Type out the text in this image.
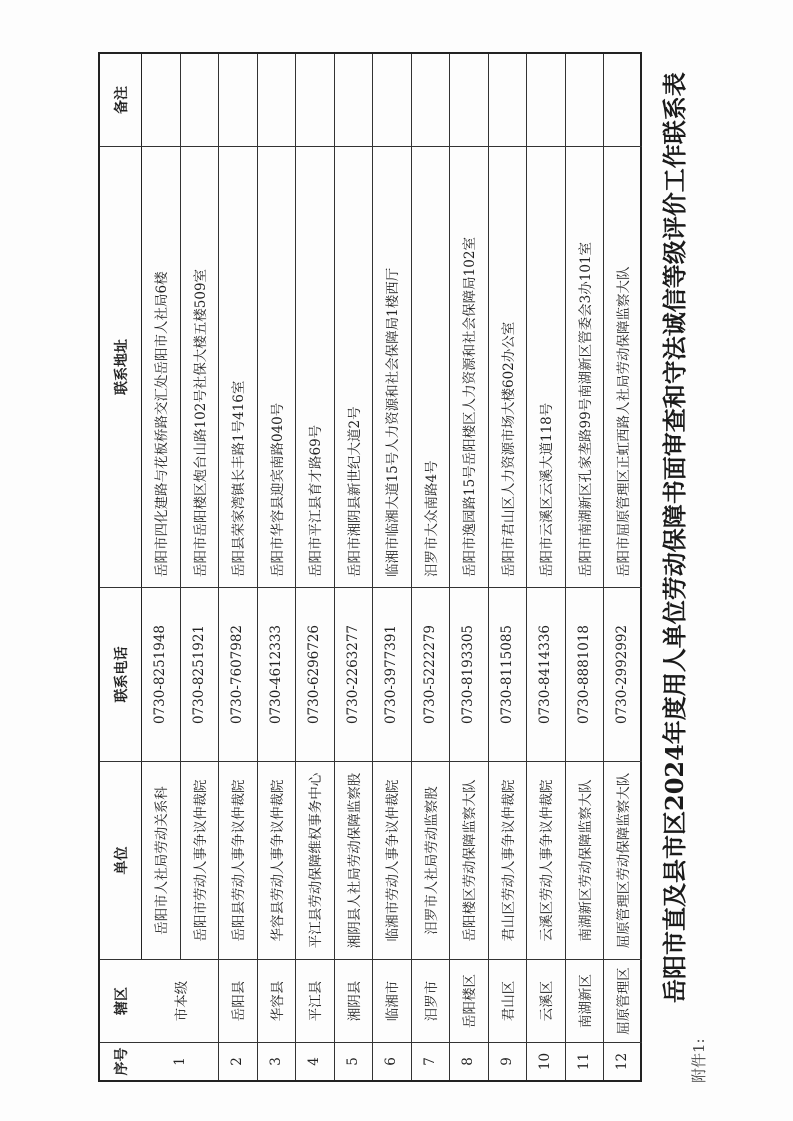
附件1:
岳阳市直及县市区2024年度用人单位劳动保障书面审查和守法诚信等级评价工作联系表
序号
辖区
单位
联系电话
联系地址
备注
1
市本级
岳阳市人社局劳动关系科
0730-8251948
岳阳市四化建路与花板桥路交汇处岳阳市人社局6楼
岳阳市劳动人事争议仲裁院
0730-8251921
岳阳市岳阳楼区炮台山路102号社保大楼五楼509室
2
岳阳县
岳阳县劳动人事争议仲裁院
0730-7607982
岳阳县荣家湾镇长丰路1号416室
3
华容县
华容县劳动人事争议仲裁院
0730-4612333
岳阳市华容县迎宾南路040号
4
平江县
平江县劳动保障维权事务中心
0730-6296726
岳阳市平江县育才路69号
5
湘阴县
湘阴县人社局劳动保障监察股
0730-2263277
岳阳市湘阴县新世纪大道2号
6
临湘市
临湘市劳动人事争议仲裁院
0730-3977391
临湘市临湘大道15号人力资源和社会保障局1楼西厅
7
汨罗市
汨罗市人社局劳动监察股
0730-5222279
汨罗市大众南路4号
8
岳阳楼区
岳阳楼区劳动保障监察大队
0730-8193305
岳阳市逸园路15号岳阳楼区人力资源和社会保障局102室
9
君山区
君山区劳动人事争议仲裁院
0730-8115085
岳阳市君山区人力资源市场大楼602办公室
10
云溪区
云溪区劳动人事争议仲裁院
0730-8414336
岳阳市云溪区云溪大道118号
11
南湖新区
南湖新区劳动保障监察大队
0730-8881018
岳阳市南湖新区孔家垄路99号南湖新区管委会3办101室
12
屈原管理区
屈原管理区劳动保障监察大队
0730-2992992
岳阳市屈原管理区正虹西路人社局劳动保障监察大队
